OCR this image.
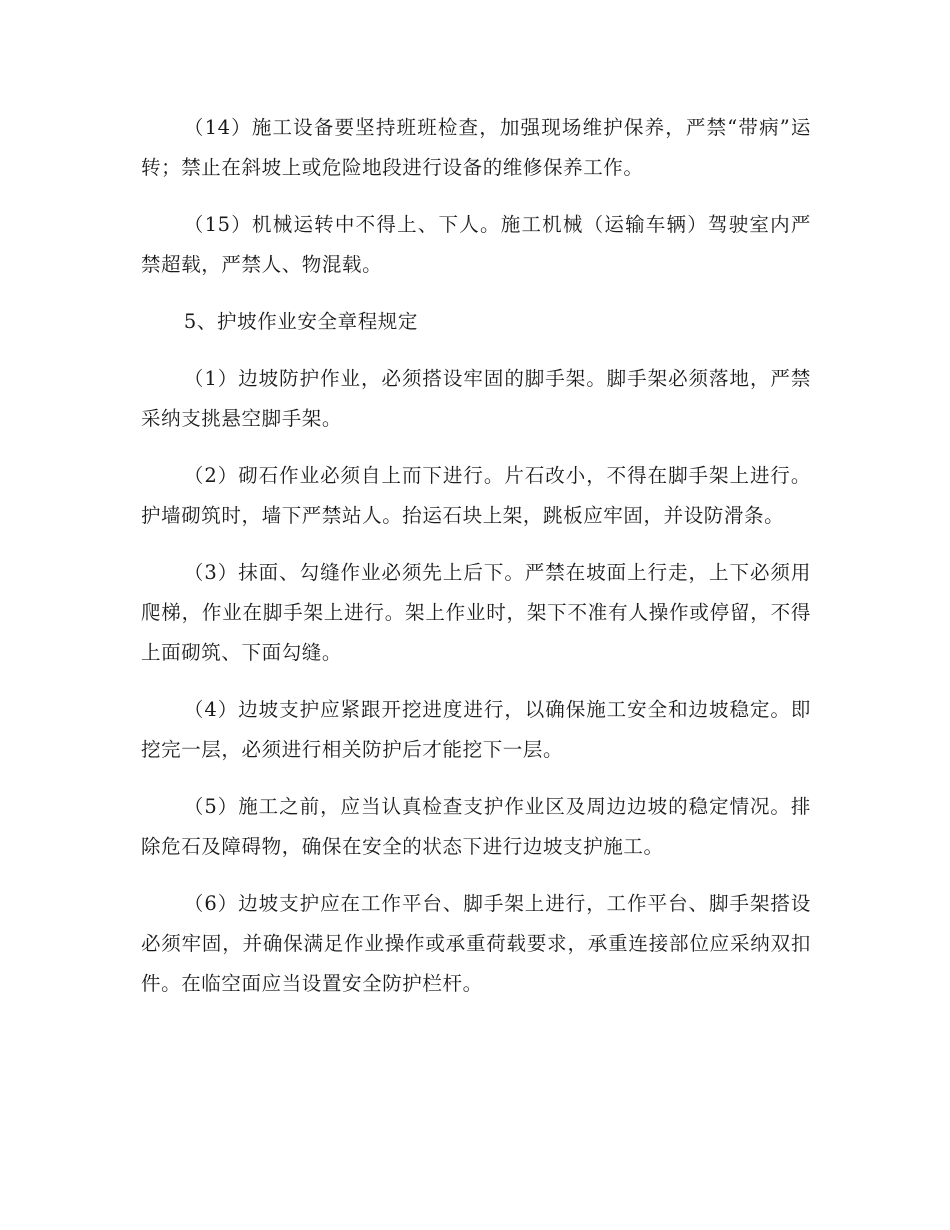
（14）施工设备要坚持班班检查，加强现场维护保养，严禁“带病”运转；禁止在斜坡上或危险地段进行设备的维修保养工作。

（15）机械运转中不得上、下人。施工机械（运输车辆）驾驶室内严禁超载，严禁人、物混载。

5、护坡作业安全章程规定

（1）边坡防护作业，必须搭设牢固的脚手架。脚手架必须落地，严禁采纳支挑悬空脚手架。

（2）砌石作业必须自上而下进行。片石改小，不得在脚手架上进行。护墙砌筑时，墙下严禁站人。抬运石块上架，跳板应牢固，并设防滑条。

（3）抹面、勾缝作业必须先上后下。严禁在坡面上行走，上下必须用爬梯，作业在脚手架上进行。架上作业时，架下不准有人操作或停留，不得上面砌筑、下面勾缝。

（4）边坡支护应紧跟开挖进度进行，以确保施工安全和边坡稳定。即挖完一层，必须进行相关防护后才能挖下一层。

（5）施工之前，应当认真检查支护作业区及周边边坡的稳定情况。排除危石及障碍物，确保在安全的状态下进行边坡支护施工。

（6）边坡支护应在工作平台、脚手架上进行，工作平台、脚手架搭设必须牢固，并确保满足作业操作或承重荷载要求，承重连接部位应采纳双扣件。在临空面应当设置安全防护栏杆。
